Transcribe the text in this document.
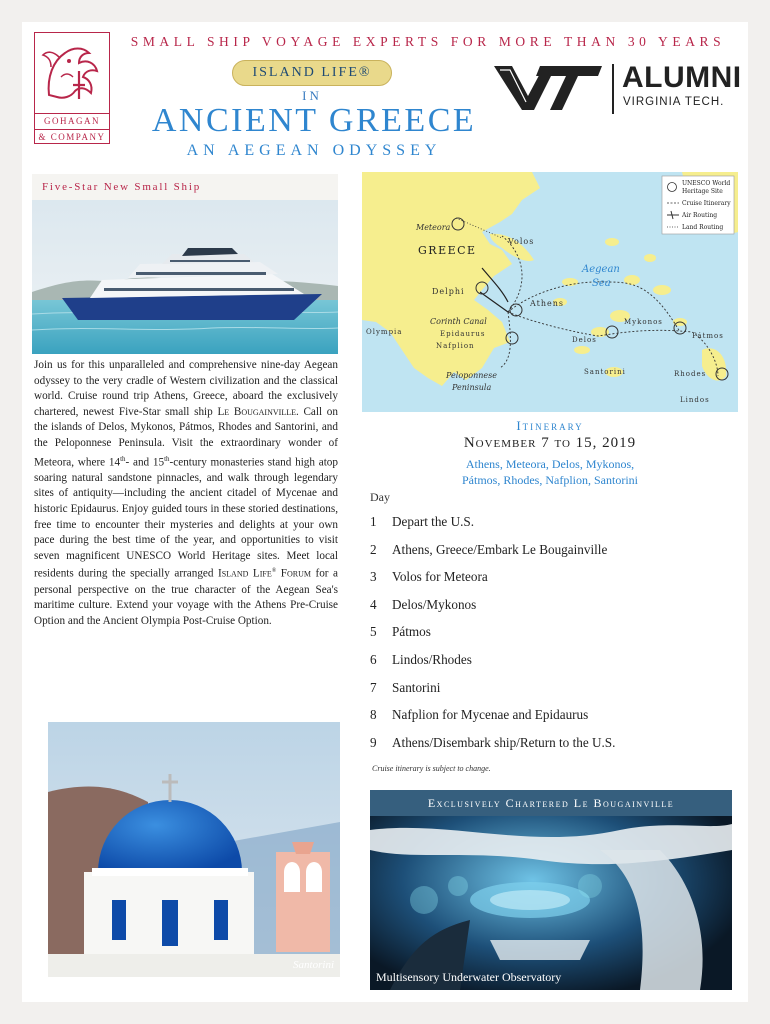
GOHAGAN
& COMPANY
SMALL SHIP VOYAGE EXPERTS FOR MORE THAN 30 YEARS
ISLAND LIFE®
IN
ANCIENT GREECE
AN AEGEAN ODYSSEY
ALUMNI
VIRGINIA TECH.
Five-Star New Small Ship	UNESCO World
Heritage Site
Cruise Itinerary
Air Routing
Land Routing
Meteora
Volos
GREECE
Aegean
Sea
Delphi
Athens
Corinth Canal
Olympia	Epidaurus
Nafplion
Mykonos
Delos	Pátmos
Santorini	Rhodes
Lindos
Peloponnese
Peninsula
Join us for this unparalleled and comprehensive nine-day Aegean odyssey to the very cradle of Western civilization and the classical world. Cruise round trip Athens, Greece, aboard the exclusively chartered, newest Five-Star small ship Le Bougainville. Call on the islands of Delos, Mykonos, Pátmos, Rhodes and Santorini, and the Peloponnese Peninsula. Visit the extraordinary wonder of Meteora, where 14th- and 15th-century monasteries stand high atop soaring natural sandstone pinnacles, and walk through legendary sites of antiquity—including the ancient citadel of Mycenae and historic Epidaurus. Enjoy guided tours in these storied destinations, free time to encounter their mysteries and delights at your own pace during the best time of the year, and opportunities to visit seven magnificent UNESCO World Heritage sites. Meet local residents during the specially arranged Island Life® Forum for a personal perspective on the true character of the Aegean Sea's maritime culture. Extend your voyage with the Athens Pre-Cruise Option and the Ancient Olympia Post-Cruise Option.
Itinerary
November 7 to 15, 2019
Athens, Meteora, Delos, Mykonos,
Pátmos, Rhodes, Nafplion, Santorini
Day
1	Depart the U.S.
2	Athens, Greece/Embark Le Bougainville
3	Volos for Meteora
4	Delos/Mykonos
5	Pátmos
6	Lindos/Rhodes
7	Santorini
8	Nafplion for Mycenae and Epidaurus
9	Athens/Disembark ship/Return to the U.S.
Cruise itinerary is subject to change.
Santorini
Exclusively Chartered Le Bougainville
Multisensory Underwater Observatory
